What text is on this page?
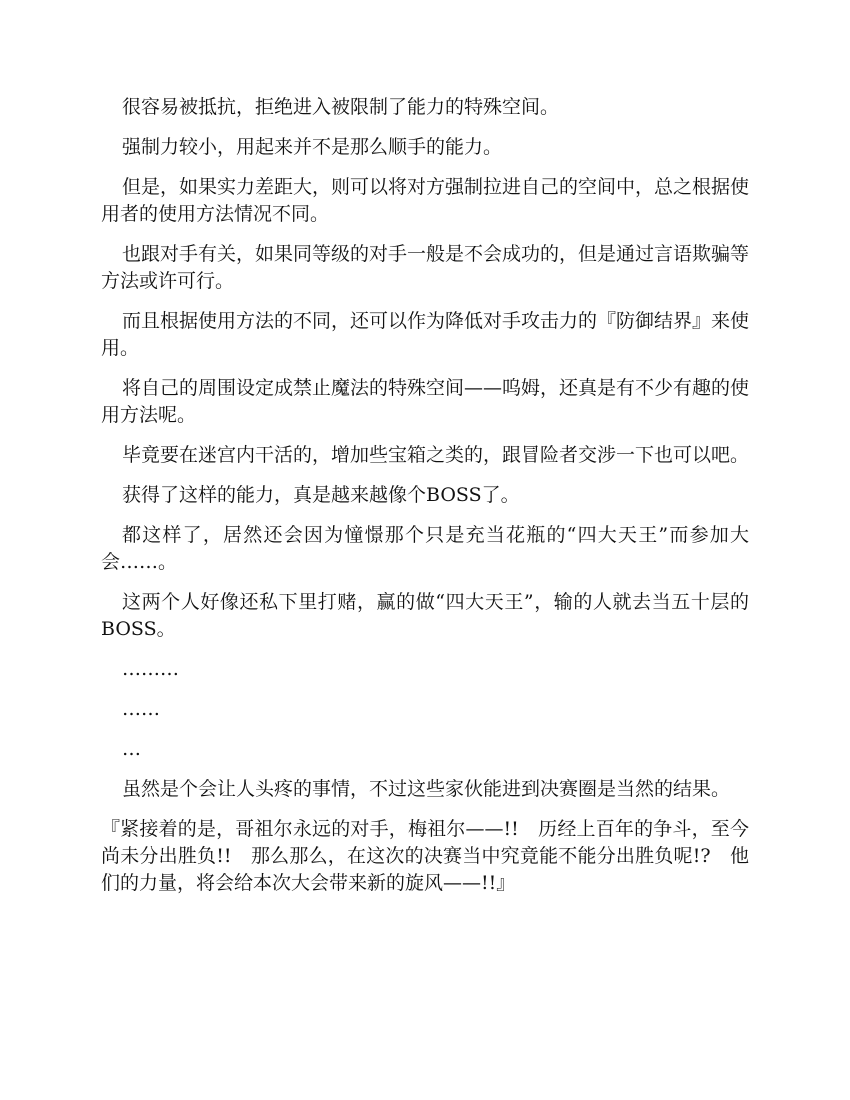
很容易被抵抗，拒绝进入被限制了能力的特殊空间。

强制力较小，用起来并不是那么顺手的能力。

但是，如果实力差距大，则可以将对方强制拉进自己的空间中，总之根据使用者的使用方法情况不同。

也跟对手有关，如果同等级的对手一般是不会成功的，但是通过言语欺骗等方法或许可行。

而且根据使用方法的不同，还可以作为降低对手攻击力的『防御结界』来使用。

将自己的周围设定成禁止魔法的特殊空间——呜姆，还真是有不少有趣的使用方法呢。

毕竟要在迷宫内干活的，增加些宝箱之类的，跟冒险者交涉一下也可以吧。

获得了这样的能力，真是越来越像个BOSS了。

都这样了，居然还会因为憧憬那个只是充当花瓶的“四大天王”而参加大会……。

这两个人好像还私下里打赌，赢的做“四大天王”，输的人就去当五十层的BOSS。

………

……

…

虽然是个会让人头疼的事情，不过这些家伙能进到决赛圈是当然的结果。

『紧接着的是，哥祖尔永远的对手，梅祖尔——!!　历经上百年的争斗，至今尚未分出胜负!!　那么那么，在这次的决赛当中究竟能不能分出胜负呢!?　他们的力量，将会给本次大会带来新的旋风——!!』
